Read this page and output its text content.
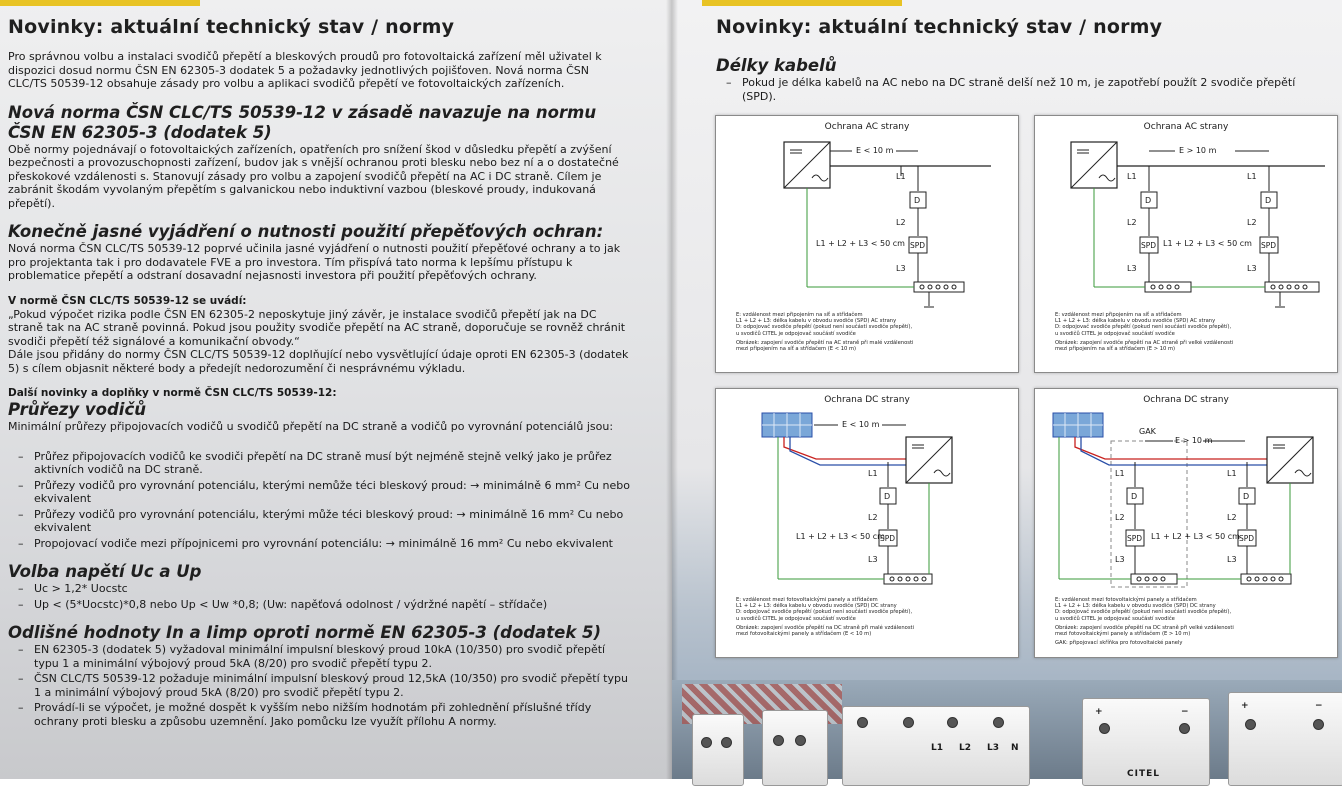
Novinky: aktuální technický stav / normy

Pro správnou volbu a instalaci svodičů přepětí a bleskových proudů pro fotovoltaická zařízení měl uživatel k dispozici dosud normu ČSN EN 62305-3 dodatek 5 a požadavky jednotlivých pojišťoven. Nová norma ČSN CLC/TS 50539-12 obsahuje zásady pro volbu a aplikaci svodičů přepětí ve fotovoltaických zařízeních.

Nová norma ČSN CLC/TS 50539-12 v zásadě navazuje na normu ČSN EN 62305-3 (dodatek 5)

Obě normy pojednávají o fotovoltaických zařízeních, opatřeních pro snížení škod v důsledku přepětí a zvýšení bezpečnosti a provozuschopnosti zařízení, budov jak s vnější ochranou proti blesku nebo bez ní a o dostatečné přeskokové vzdálenosti s. Stanovují zásady pro volbu a zapojení svodičů přepětí na AC i DC straně. Cílem je zabránit škodám vyvolaným přepětím s galvanickou nebo induktivní vazbou (bleskové proudy, indukovaná přepětí).

Konečně jasné vyjádření o nutnosti použití přepěťových ochran:

Nová norma ČSN CLC/TS 50539-12 poprvé učinila jasné vyjádření o nutnosti použití přepěťové ochrany a to jak pro projektanta tak i pro dodavatele FVE a pro investora. Tím přispívá tato norma k lepšímu přístupu k problematice přepětí a odstraní dosavadní nejasnosti investora při použití přepěťových ochrany.

V normě ČSN CLC/TS 50539-12 se uvádí:

„Pokud výpočet rizika podle ČSN EN 62305-2 neposkytuje jiný závěr, je instalace svodičů přepětí jak na DC straně tak na AC straně povinná. Pokud jsou použity svodiče přepětí na AC straně, doporučuje se rovněž chránit svodiči přepětí též signálové a komunikační obvody.“

Dále jsou přidány do normy ČSN CLC/TS 50539-12 doplňující nebo vysvětlující údaje oproti EN 62305-3 (dodatek 5) s cílem objasnit některé body a předejít nedorozumění či nesprávnému výkladu.

Další novinky a doplňky v normě ČSN CLC/TS 50539-12:
Průřezy vodičů

Minimální průřezy připojovacích vodičů u svodičů přepětí na DC straně a vodičů po vyrovnání potenciálů jsou:

– Průřez připojovacích vodičů ke svodiči přepětí na DC straně musí být nejméně stejně velký jako je průřez aktivních vodičů na DC straně.
– Průřezy vodičů pro vyrovnání potenciálu, kterými nemůže téci bleskový proud: → minimálně 6 mm² Cu nebo ekvivalent
– Průřezy vodičů pro vyrovnání potenciálu, kterými může téci bleskový proud: → minimálně 16 mm² Cu nebo ekvivalent
– Propojovací vodiče mezi přípojnicemi pro vyrovnání potenciálu: → minimálně 16 mm² Cu nebo ekvivalent
Volba napětí Uc a Up
– Uc > 1,2* Uocstc
– Up < (5*Uocstc)*0,8 nebo Up < Uw *0,8; (Uw: napěťová odolnost / výdržné napětí – střídače)
Odlišné hodnoty In a Iimp oproti normě EN 62305-3 (dodatek 5)
– EN 62305-3 (dodatek 5) vyžadoval minimální impulsní bleskový proud 10kA (10/350) pro svodič přepětí typu 1 a minimální výbojový proud 5kA (8/20) pro svodič přepětí typu 2.
– ČSN CLC/TS 50539-12 požaduje minimální impulsní bleskový proud 12,5kA (10/350) pro svodič přepětí typu 1 a minimální výbojový proud 5kA (8/20) pro svodič přepětí typu 2.
– Provádí-li se výpočet, je možné dospět k vyšším nebo nižším hodnotám při zohlednění příslušné třídy ochrany proti blesku a způsobu uzemnění. Jako pomůcku lze využít přílohu A normy.
Novinky: aktuální technický stav / normy
Délky kabelů
– Pokud je délka kabelů na AC nebo na DC straně delší než 10 m, je zapotřebí použít 2 svodiče přepětí (SPD).
Ochrana AC strany
E < 10 m
L1
D
L2
SPD
L3
L1 + L2 + L3 < 50 cm

E: vzdálenost mezi připojením na síť a střídačem

L1 + L2 + L3: délka kabelu v obvodu svodiče (SPD) AC strany

D: odpojovač svodiče přepětí (pokud není součástí svodiče přepětí),

u svodičů CITEL je odpojovač součástí svodiče

Obrázek: zapojení svodiče přepětí na AC straně při malé vzdálenosti

mezi připojením na síť a střídačem (E < 10 m)

Ochrana AC strany
E > 10 m
L1	L1
D	D
L2	L2
SPD	SPD
L3	L3
L1 + L2 + L3 < 50 cm

E: vzdálenost mezi připojením na síť a střídačem

L1 + L2 + L3: délka kabelu v obvodu svodiče (SPD) AC strany

D: odpojovač svodiče přepětí (pokud není součástí svodiče přepětí),

u svodičů CITEL je odpojovač součástí svodiče

Obrázek: zapojení svodiče přepětí na AC straně při velké vzdálenosti

mezi připojením na síť a střídačem (E > 10 m)

Ochrana DC strany
E < 10 m
L1
D
L2
SPD
L3
L1 + L2 + L3 < 50 cm

E: vzdálenost mezi fotovoltaickými panely a střídačem

L1 + L2 + L3: délka kabelu v obvodu svodiče (SPD) DC strany

D: odpojovač svodiče přepětí (pokud není součástí svodiče přepětí),

u svodičů CITEL je odpojovač součástí svodiče

Obrázek: zapojení svodiče přepětí na DC straně při malé vzdálenosti

mezi fotovoltaickými panely a střídačem (E < 10 m)

Ochrana DC strany
GAK
E > 10 m
L1	L1
D	D
L2	L2
SPD	SPD
L3	L3
L1 + L2 + L3 < 50 cm

E: vzdálenost mezi fotovoltaickými panely a střídačem

L1 + L2 + L3: délka kabelu v obvodu svodiče (SPD) DC strany

D: odpojovač svodiče přepětí (pokud není součástí svodiče přepětí),

u svodičů CITEL je odpojovač součástí svodiče

Obrázek: zapojení svodiče přepětí na DC straně při velké vzdálenosti

mezi fotovoltaickými panely a střídačem (E > 10 m)

GAK: připojovací skříňka pro fotovoltaické panely

L1 L2 L3 N
+	−
CITEL
+	−
